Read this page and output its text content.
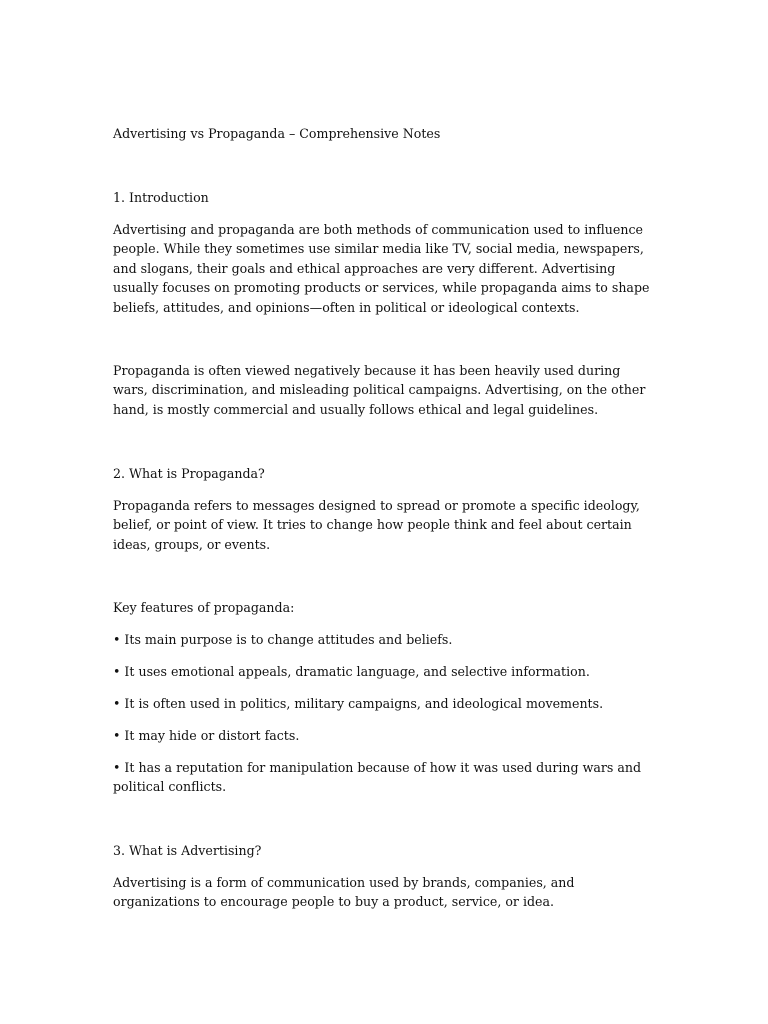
Advertising vs Propaganda – Comprehensive Notes

1. Introduction

Advertising and propaganda are both methods of communication used to influence people. While they sometimes use similar media like TV, social media, newspapers, and slogans, their goals and ethical approaches are very different. Advertising usually focuses on promoting products or services, while propaganda aims to shape beliefs, attitudes, and opinions—often in political or ideological contexts.

Propaganda is often viewed negatively because it has been heavily used during wars, discrimination, and misleading political campaigns. Advertising, on the other hand, is mostly commercial and usually follows ethical and legal guidelines.

2. What is Propaganda?

Propaganda refers to messages designed to spread or promote a specific ideology, belief, or point of view. It tries to change how people think and feel about certain ideas, groups, or events.

Key features of propaganda:

• Its main purpose is to change attitudes and beliefs.

• It uses emotional appeals, dramatic language, and selective information.

• It is often used in politics, military campaigns, and ideological movements.

• It may hide or distort facts.

• It has a reputation for manipulation because of how it was used during wars and political conflicts.

3. What is Advertising?

Advertising is a form of communication used by brands, companies, and organizations to encourage people to buy a product, service, or idea.
